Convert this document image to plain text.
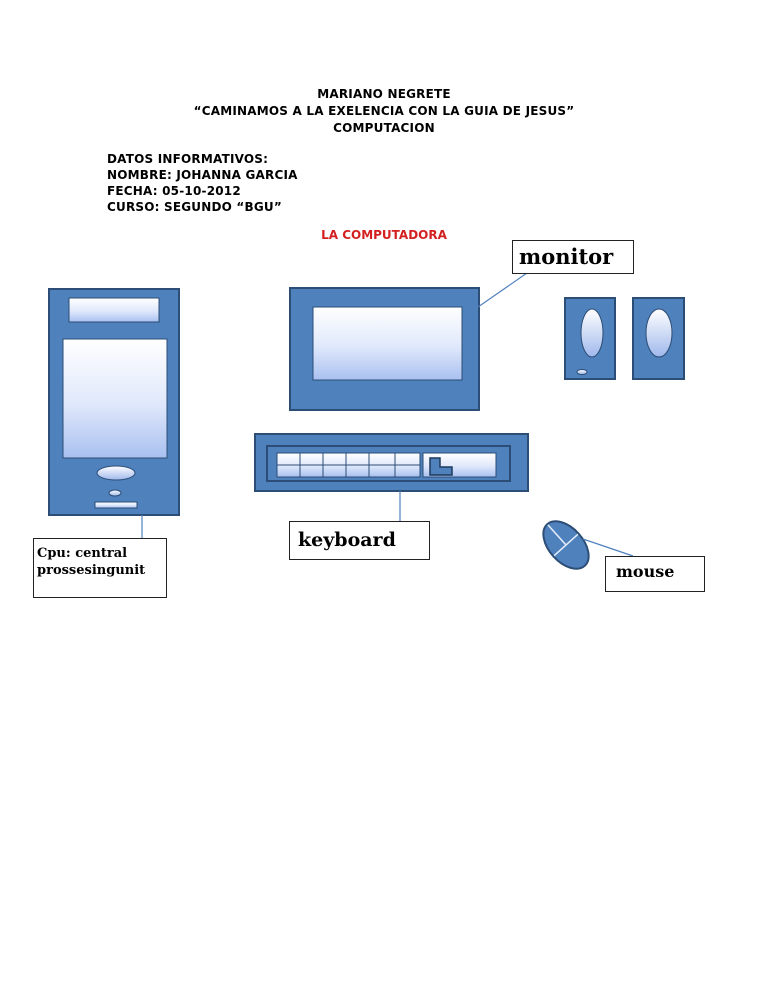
MARIANO NEGRETE
“CAMINAMOS A LA EXELENCIA CON LA GUIA DE JESUS”
COMPUTACION
DATOS INFORMATIVOS:
NOMBRE: JOHANNA GARCIA
FECHA: 05-10-2012
CURSO: SEGUNDO “BGU”
LA COMPUTADORA
monitor
keyboard
mouse
Cpu: central
prossesingunit
